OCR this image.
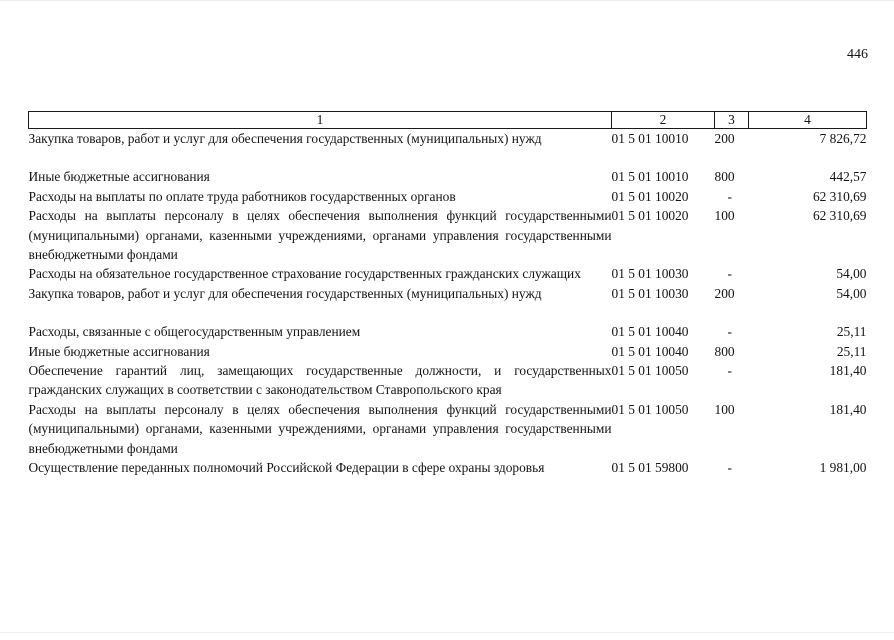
446
1	2	3	4
Закупка товаров, работ и услуг для обеспечения государственных (муниципальных) нужд	01 5 01 10010	200	7 826,72

Иные бюджетные ассигнования	01 5 01 10010	800	442,57
Расходы на выплаты по оплате труда работников государственных органов	01 5 01 10020	-	62 310,69
Расходы на выплаты персоналу в целях обеспечения выполнения функций государственными (муниципальными) органами, казенными учреждениями, органами управления государственными внебюджетными фондами	01 5 01 10020	100	62 310,69
Расходы на обязательное государственное страхование государственных гражданских служащих	01 5 01 10030	-	54,00
Закупка товаров, работ и услуг для обеспечения государственных (муниципальных) нужд	01 5 01 10030	200	54,00

Расходы, связанные с общегосударственным управлением	01 5 01 10040	-	25,11
Иные бюджетные ассигнования	01 5 01 10040	800	25,11
Обеспечение гарантий лиц, замещающих государственные должности, и государственных гражданских служащих в соответствии с законодательством Ставропольского края	01 5 01 10050	-	181,40
Расходы на выплаты персоналу в целях обеспечения выполнения функций государственными (муниципальными) органами, казенными учреждениями, органами управления государственными внебюджетными фондами	01 5 01 10050	100	181,40
Осуществление переданных полномочий Российской Федерации в сфере охраны здоровья	01 5 01 59800	-	1 981,00
